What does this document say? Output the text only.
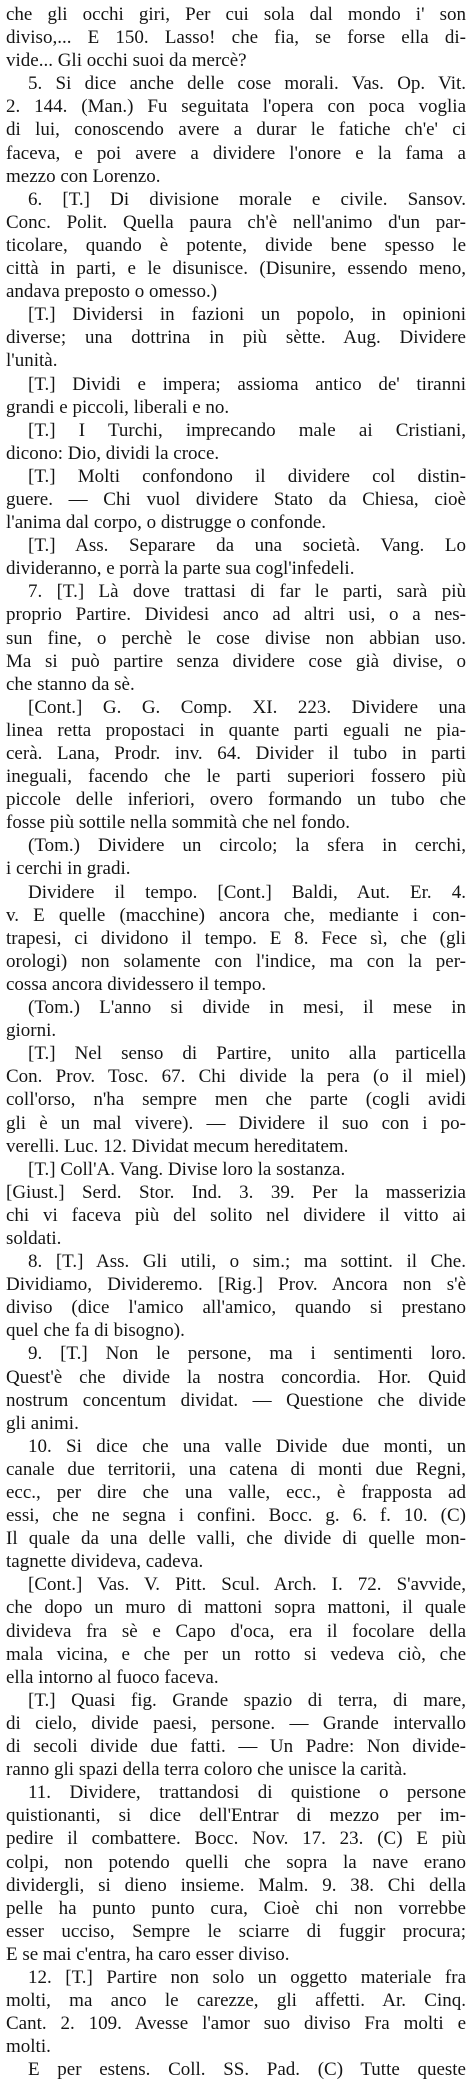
che gli occhi giri, Per cui sola dal mondo i' son
diviso,... E 150. Lasso! che fia, se forse ella di-
vide... Gli occhi suoi da mercè?
5. Si dice anche delle cose morali. Vas. Op. Vit.
2. 144. (Man.) Fu seguitata l'opera con poca voglia
di lui, conoscendo avere a durar le fatiche ch'e' ci
faceva, e poi avere a dividere l'onore e la fama a
mezzo con Lorenzo.
6. [T.] Di divisione morale e civile. Sansov.
Conc. Polit. Quella paura ch'è nell'animo d'un par-
ticolare, quando è potente, divide bene spesso le
città in parti, e le disunisce. (Disunire, essendo meno,
andava preposto o omesso.)
[T.] Dividersi in fazioni un popolo, in opinioni
diverse; una dottrina in più sètte. Aug. Dividere
l'unità.
[T.] Dividi e impera; assioma antico de' tiranni
grandi e piccoli, liberali e no.
[T.] I Turchi, imprecando male ai Cristiani,
dicono: Dio, dividi la croce.
[T.] Molti confondono il dividere col distin-
guere. — Chi vuol dividere Stato da Chiesa, cioè
l'anima dal corpo, o distrugge o confonde.
[T.] Ass. Separare da una società. Vang. Lo
divideranno, e porrà la parte sua cogl'infedeli.
7. [T.] Là dove trattasi di far le parti, sarà più
proprio Partire. Dividesi anco ad altri usi, o a nes-
sun fine, o perchè le cose divise non abbian uso.
Ma si può partire senza dividere cose già divise, o
che stanno da sè.
[Cont.] G. G. Comp. XI. 223. Dividere una
linea retta propostaci in quante parti eguali ne pia-
cerà. Lana, Prodr. inv. 64. Divider il tubo in parti
ineguali, facendo che le parti superiori fossero più
piccole delle inferiori, overo formando un tubo che
fosse più sottile nella sommità che nel fondo.
(Tom.) Dividere un circolo; la sfera in cerchi,
i cerchi in gradi.
Dividere il tempo. [Cont.] Baldi, Aut. Er. 4.
v. E quelle (macchine) ancora che, mediante i con-
trapesi, ci dividono il tempo. E 8. Fece sì, che (gli
orologi) non solamente con l'indice, ma con la per-
cossa ancora dividessero il tempo.
(Tom.) L'anno si divide in mesi, il mese in
giorni.
[T.] Nel senso di Partire, unito alla particella
Con. Prov. Tosc. 67. Chi divide la pera (o il miel)
coll'orso, n'ha sempre men che parte (cogli avidi
gli è un mal vivere). — Dividere il suo con i po-
verelli. Luc. 12. Dividat mecum hereditatem.
[T.] Coll'A. Vang. Divise loro la sostanza.
[Giust.] Serd. Stor. Ind. 3. 39. Per la masserizia
chi vi faceva più del solito nel dividere il vitto ai
soldati.
8. [T.] Ass. Gli utili, o sim.; ma sottint. il Che.
Dividiamo, Divideremo. [Rig.] Prov. Ancora non s'è
diviso (dice l'amico all'amico, quando si prestano
quel che fa di bisogno).
9. [T.] Non le persone, ma i sentimenti loro.
Quest'è che divide la nostra concordia. Hor. Quid
nostrum concentum dividat. — Questione che divide
gli animi.
10. Si dice che una valle Divide due monti, un
canale due territorii, una catena di monti due Regni,
ecc., per dire che una valle, ecc., è frapposta ad
essi, che ne segna i confini. Bocc. g. 6. f. 10. (C)
Il quale da una delle valli, che divide di quelle mon-
tagnette divideva, cadeva.
[Cont.] Vas. V. Pitt. Scul. Arch. I. 72. S'avvide,
che dopo un muro di mattoni sopra mattoni, il quale
divideva fra sè e Capo d'oca, era il focolare della
mala vicina, e che per un rotto si vedeva ciò, che
ella intorno al fuoco faceva.
[T.] Quasi fig. Grande spazio di terra, di mare,
di cielo, divide paesi, persone. — Grande intervallo
di secoli divide due fatti. — Un Padre: Non divide-
ranno gli spazi della terra coloro che unisce la carità.
11. Dividere, trattandosi di quistione o persone
quistionanti, si dice dell'Entrar di mezzo per im-
pedire il combattere. Bocc. Nov. 17. 23. (C) E più
colpi, non potendo quelli che sopra la nave erano
dividergli, si dieno insieme. Malm. 9. 38. Chi della
pelle ha punto punto cura, Cioè chi non vorrebbe
esser ucciso, Sempre le sciarre di fuggir procura;
E se mai c'entra, ha caro esser diviso.
12. [T.] Partire non solo un oggetto materiale fra
molti, ma anco le carezze, gli affetti. Ar. Cinq.
Cant. 2. 109. Avesse l'amor suo diviso Fra molti e
molti.
E per estens. Coll. SS. Pad. (C) Tutte queste
